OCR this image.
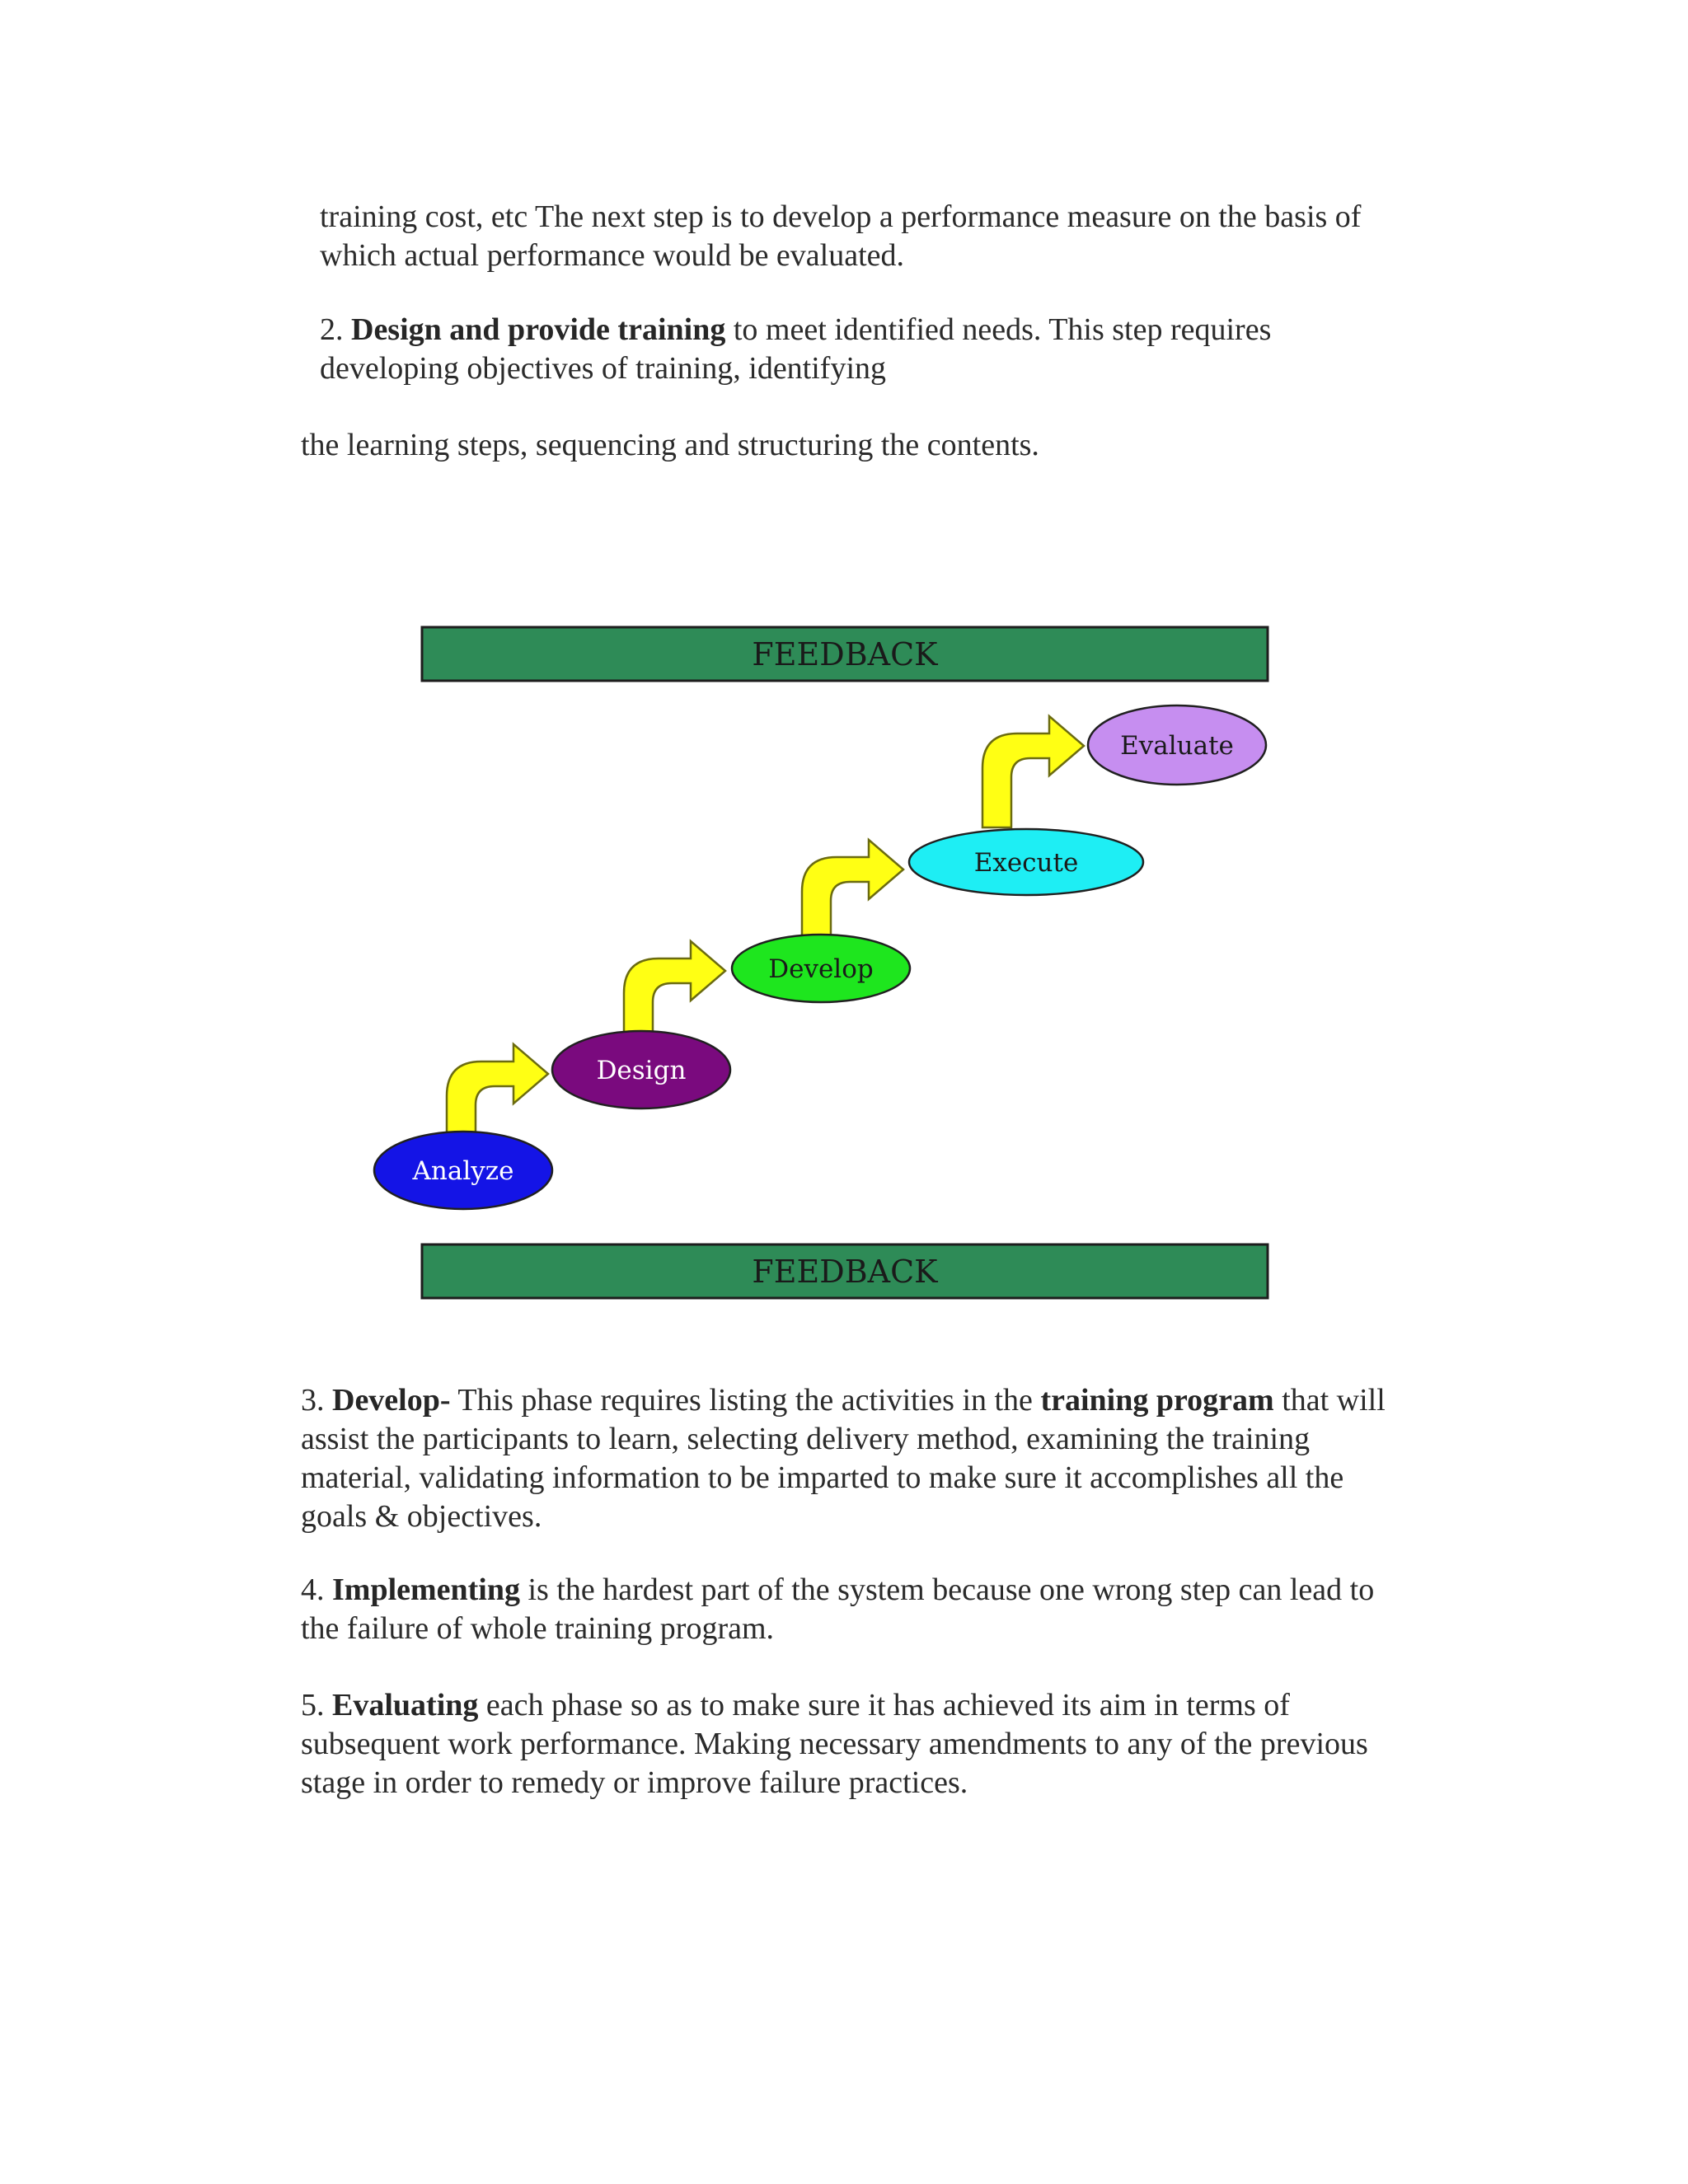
training cost, etc The next step is to develop a performance measure on the basis of

which actual performance would be evaluated.

2. Design and provide training to meet identified needs. This step requires

developing objectives of training, identifying

the learning steps, sequencing and structuring the contents.

FEEDBACK
Analyze
Design
Develop
Execute
Evaluate
FEEDBACK

3. Develop- This phase requires listing the activities in the training program that will

assist the participants to learn, selecting delivery method, examining the training

material, validating information to be imparted to make sure it accomplishes all the

goals & objectives.

4. Implementing is the hardest part of the system because one wrong step can lead to

the failure of whole training program.

5. Evaluating each phase so as to make sure it has achieved its aim in terms of

subsequent work performance. Making necessary amendments to any of the previous

stage in order to remedy or improve failure practices.
